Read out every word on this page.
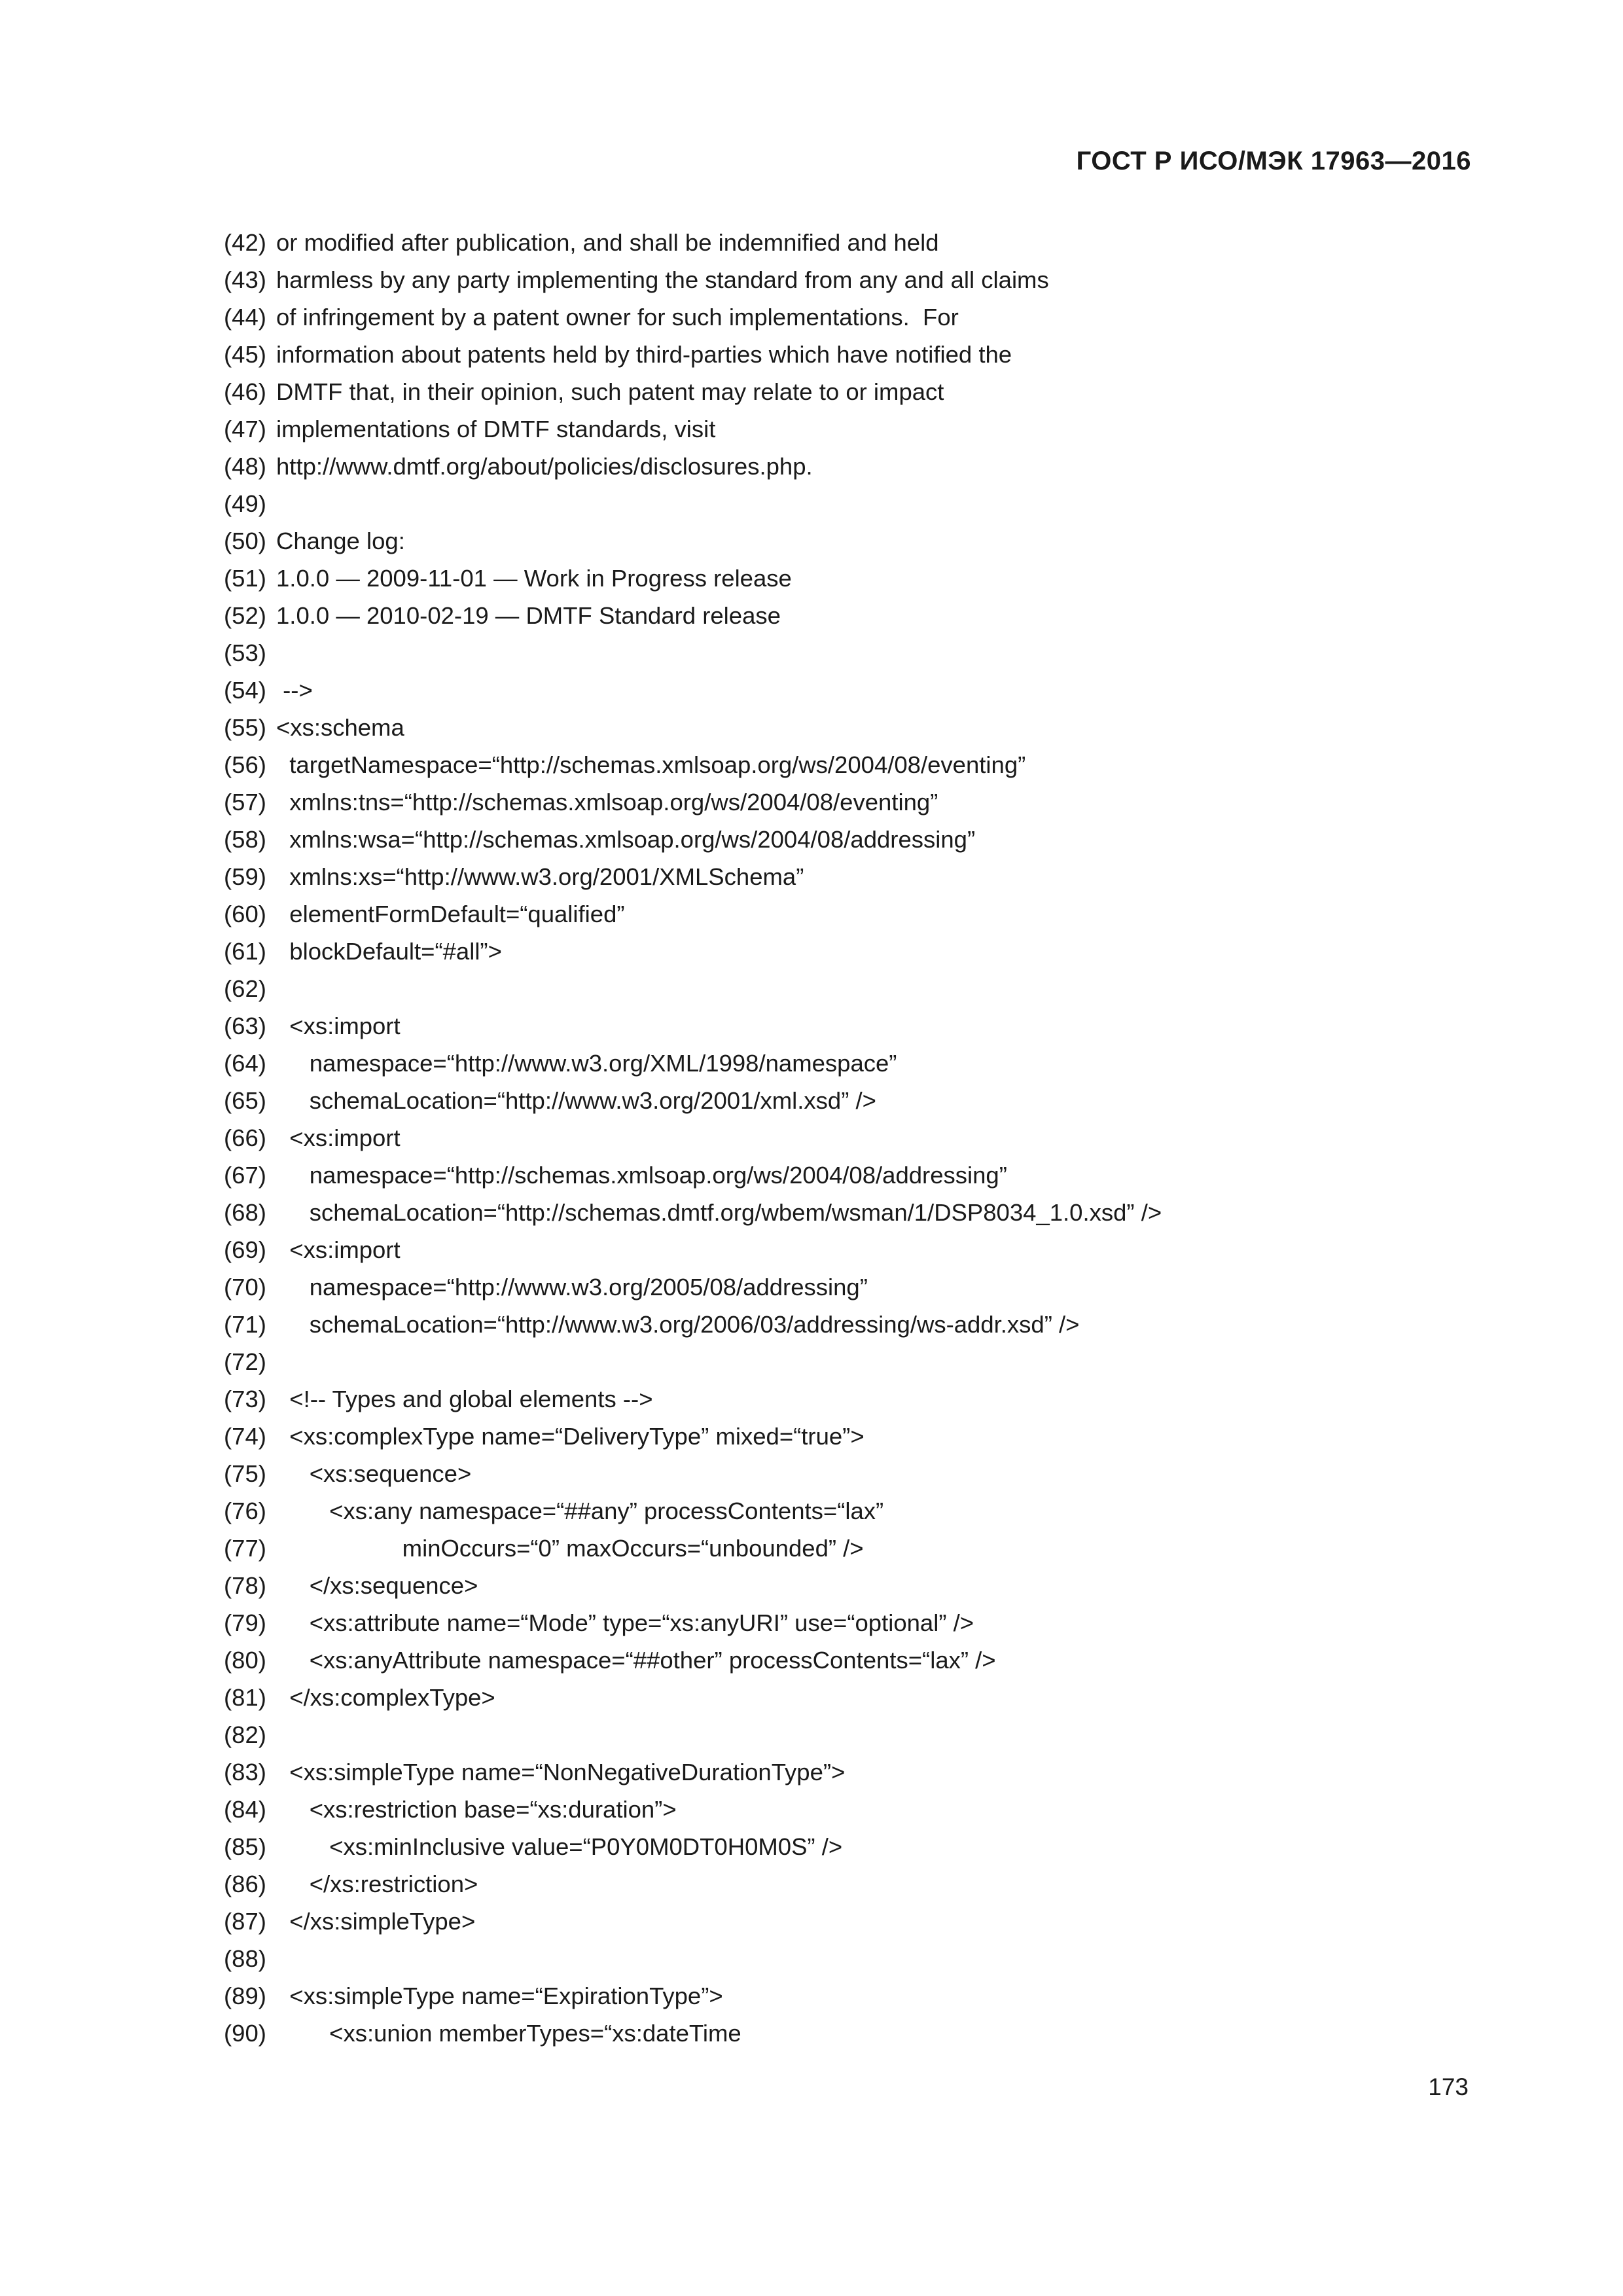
ГОСТ Р ИСО/МЭК 17963—2016
(42) or modified after publication, and shall be indemnified and held
(43) harmless by any party implementing the standard from any and all claims
(44) of infringement by a patent owner for such implementations.  For
(45) information about patents held by third-parties which have notified the
(46) DMTF that, in their opinion, such patent may relate to or impact
(47) implementations of DMTF standards, visit
(48) http://www.dmtf.org/about/policies/disclosures.php.
(49)
(50) Change log:
(51) 1.0.0 — 2009-11-01 — Work in Progress release
(52) 1.0.0 — 2010-02-19 — DMTF Standard release
(53)
(54) -->
(55) <xs:schema
(56) targetNamespace=“http://schemas.xmlsoap.org/ws/2004/08/eventing”
(57) xmlns:tns=“http://schemas.xmlsoap.org/ws/2004/08/eventing”
(58) xmlns:wsa=“http://schemas.xmlsoap.org/ws/2004/08/addressing”
(59) xmlns:xs=“http://www.w3.org/2001/XMLSchema”
(60) elementFormDefault=“qualified”
(61) blockDefault=“#all”>
(62)
(63) <xs:import
(64) namespace=“http://www.w3.org/XML/1998/namespace”
(65) schemaLocation=“http://www.w3.org/2001/xml.xsd” />
(66) <xs:import
(67) namespace=“http://schemas.xmlsoap.org/ws/2004/08/addressing”
(68) schemaLocation=“http://schemas.dmtf.org/wbem/wsman/1/DSP8034_1.0.xsd” />
(69) <xs:import
(70) namespace=“http://www.w3.org/2005/08/addressing”
(71) schemaLocation=“http://www.w3.org/2006/03/addressing/ws-addr.xsd” />
(72)
(73) <!-- Types and global elements -->
(74) <xs:complexType name=“DeliveryType” mixed=“true”>
(75) <xs:sequence>
(76) <xs:any namespace=“##any” processContents=“lax”
(77) minOccurs=“0” maxOccurs=“unbounded” />
(78) </xs:sequence>
(79) <xs:attribute name=“Mode” type=“xs:anyURI” use=“optional” />
(80) <xs:anyAttribute namespace=“##other” processContents=“lax” />
(81) </xs:complexType>
(82)
(83) <xs:simpleType name=“NonNegativeDurationType”>
(84) <xs:restriction base=“xs:duration”>
(85) <xs:minInclusive value=“P0Y0M0DT0H0M0S” />
(86) </xs:restriction>
(87) </xs:simpleType>
(88)
(89) <xs:simpleType name=“ExpirationType”>
(90) <xs:union memberTypes=“xs:dateTime
173
